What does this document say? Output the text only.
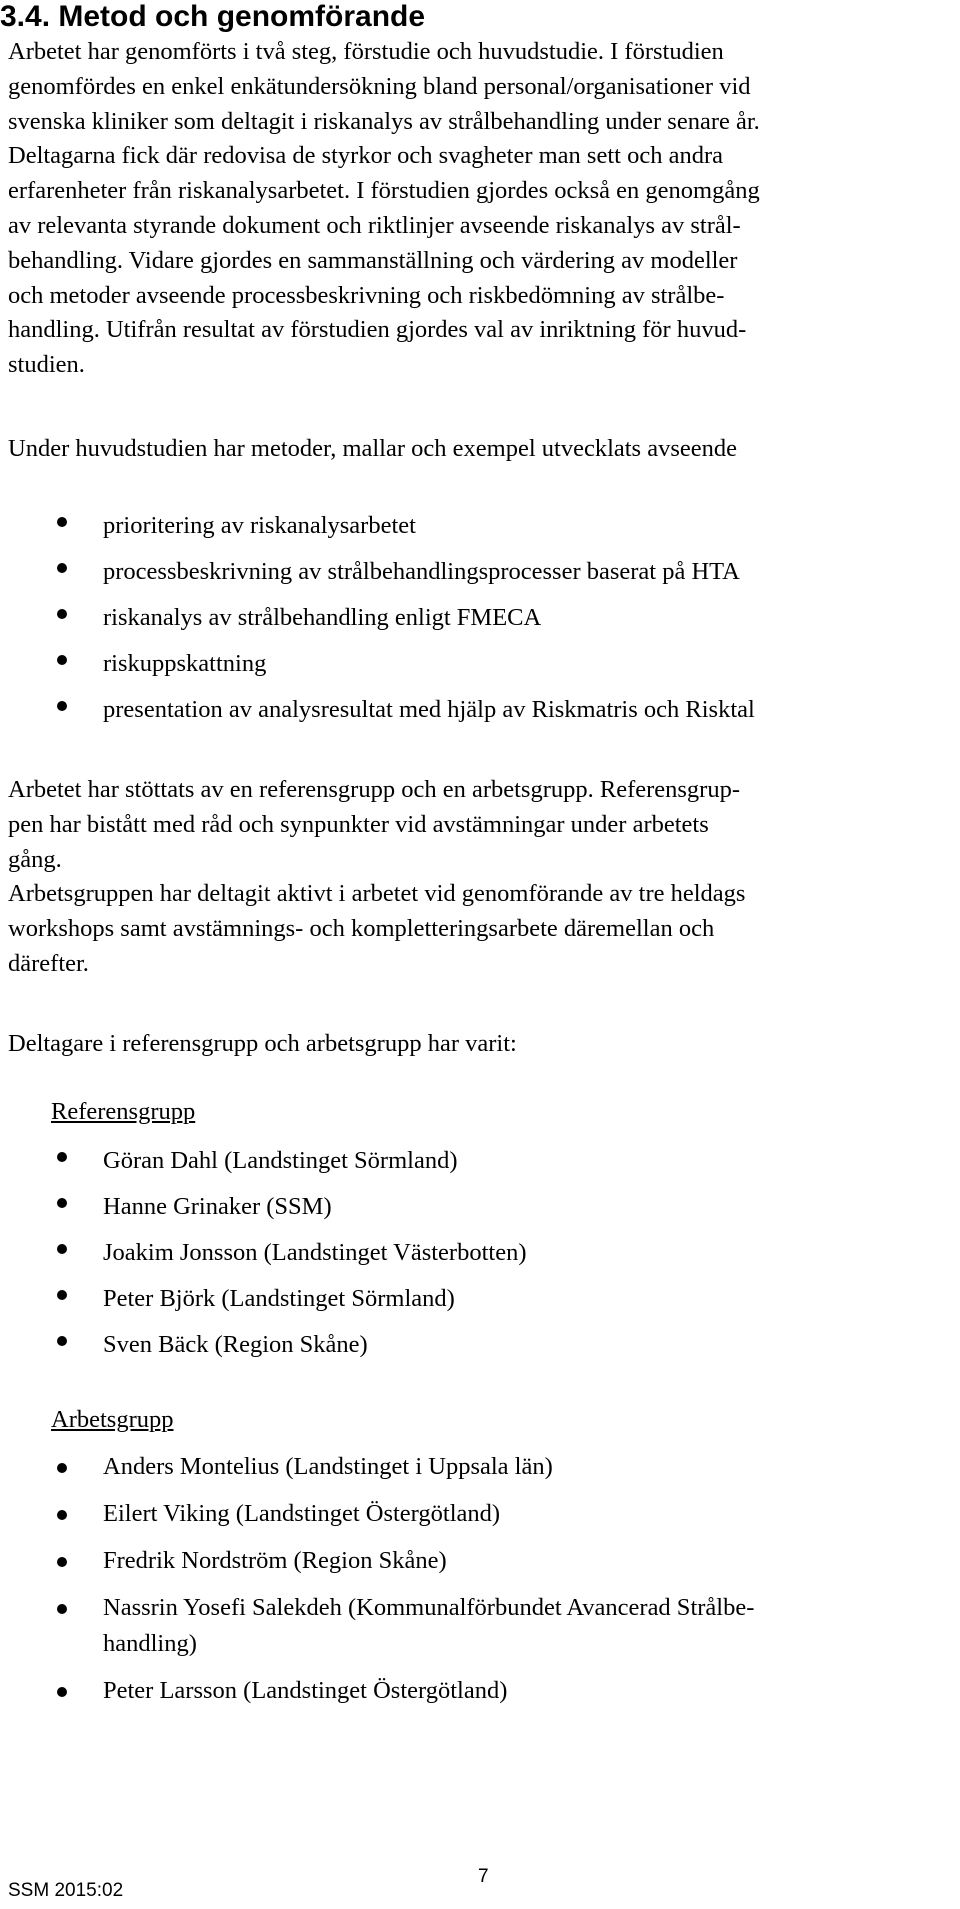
3.4. Metod och genomförande

Arbetet har genomförts i två steg, förstudie och huvudstudie. I förstudien
genomfördes en enkel enkätundersökning bland personal/organisationer vid
svenska kliniker som deltagit i riskanalys av strålbehandling under senare år.
Deltagarna fick där redovisa de styrkor och svagheter man sett och andra
erfarenheter från riskanalysarbetet. I förstudien gjordes också en genomgång
av relevanta styrande dokument och riktlinjer avseende riskanalys av strål-
behandling. Vidare gjordes en sammanställning och värdering av modeller
och metoder avseende processbeskrivning och riskbedömning av strålbe-
handling. Utifrån resultat av förstudien gjordes val av inriktning för huvud-
studien.

Under huvudstudien har metoder, mallar och exempel utvecklats avseende

prioritering av riskanalysarbetet
processbeskrivning av strålbehandlingsprocesser baserat på HTA
riskanalys av strålbehandling enligt FMECA
riskuppskattning
presentation av analysresultat med hjälp av Riskmatris och Risktal

Arbetet har stöttats av en referensgrupp och en arbetsgrupp. Referensgrup-
pen har bistått med råd och synpunkter vid avstämningar under arbetets
gång.
Arbetsgruppen har deltagit aktivt i arbetet vid genomförande av tre heldags
workshops samt avstämnings- och kompletteringsarbete däremellan och
därefter.

Deltagare i referensgrupp och arbetsgrupp har varit:

Referensgrupp
Göran Dahl (Landstinget Sörmland)
Hanne Grinaker (SSM)
Joakim Jonsson (Landstinget Västerbotten)
Peter Björk (Landstinget Sörmland)
Sven Bäck (Region Skåne)
Arbetsgrupp
Anders Montelius (Landstinget i Uppsala län)
Eilert Viking (Landstinget Östergötland)
Fredrik Nordström (Region Skåne)
Nassrin Yosefi Salekdeh (Kommunalförbundet Avancerad Strålbe-
handling)
Peter Larsson (Landstinget Östergötland)
7
SSM 2015:02
